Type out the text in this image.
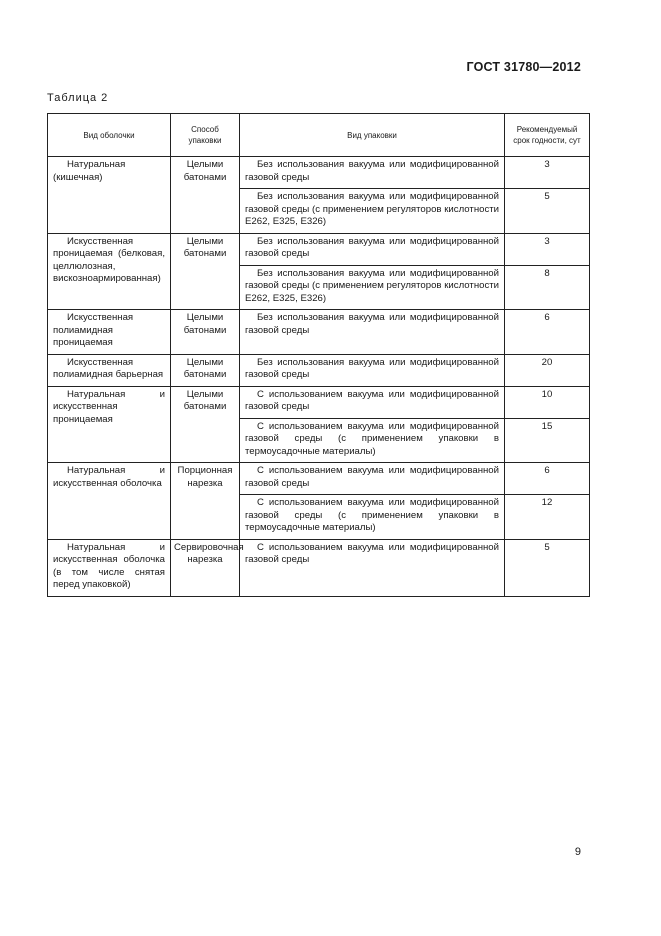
ГОСТ 31780—2012
Таблица 2
Вид оболочки	Способ упаковки	Вид упаковки	Рекомендуемый срок годности, сут

Натуральная (кишечная)	Целыми батонами	Без использования вакуума или модифицированной газовой среды	3

		Без использования вакуума или модифицированной газовой среды (с применением регуляторов кислотности Е262, Е325, Е326)	5

Искусственная проницаемая (белковая, целлюлозная, вискозноармированная)	Целыми батонами	Без использования вакуума или модифицированной газовой среды	3

		Без использования вакуума или модифицированной газовой среды (с применением регуляторов кислотности Е262, Е325, Е326)	8

Искусственная полиамидная проницаемая	Целыми батонами	Без использования вакуума или модифицированной газовой среды	6

Искусственная полиамидная барьерная	Целыми батонами	Без использования вакуума или модифицированной газовой среды	20

Натуральная и искусственная проницаемая	Целыми батонами	С использованием вакуума или модифицированной газовой среды	10

		С использованием вакуума или модифицированной газовой среды (с применением упаковки в термоусадочные материалы)	15

Натуральная и искусственная оболочка	Порционная нарезка	С использованием вакуума или модифицированной газовой среды	6

		С использованием вакуума или модифицированной газовой среды (с применением упаковки в термоусадочные материалы)	12

Натуральная и искусственная оболочка (в том числе снятая перед упаковкой)	Сервировочная нарезка	С использованием вакуума или модифицированной газовой среды	5
9
